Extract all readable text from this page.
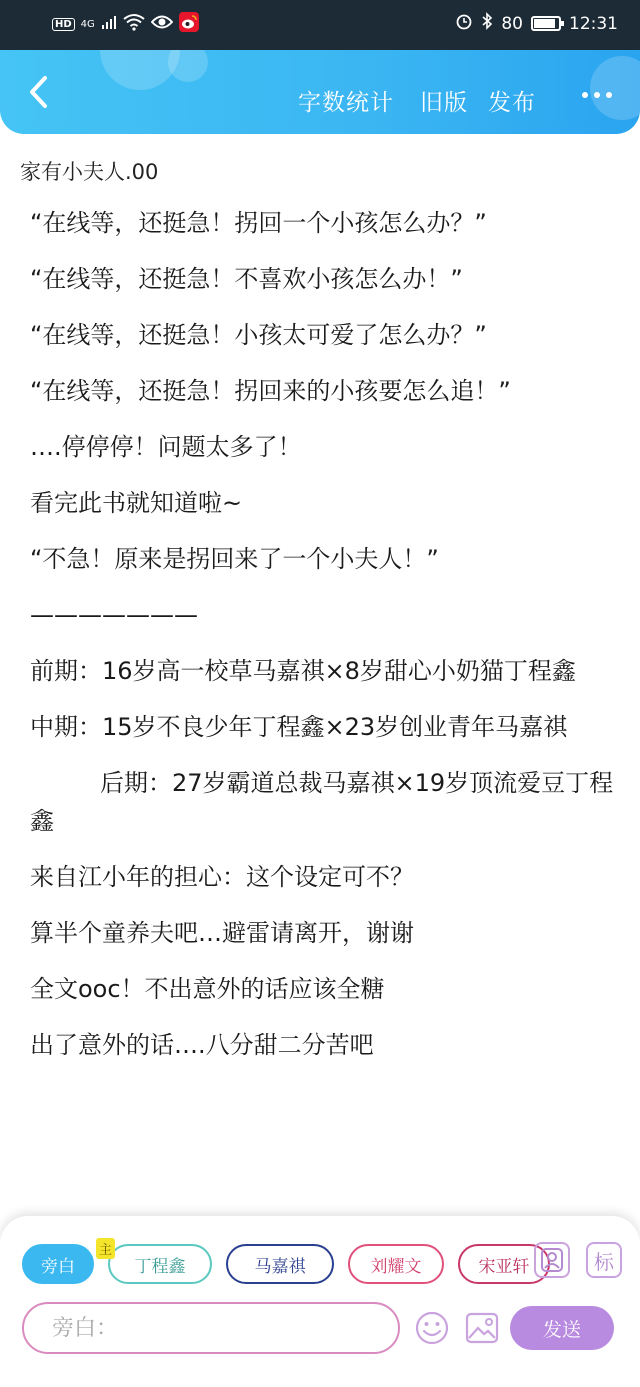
HD 4G	80	12:31
字数统计 旧版 发布
家有小夫人.00

“在线等，还挺急！拐回一个小孩怎么办？”

“在线等，还挺急！不喜欢小孩怎么办！”

“在线等，还挺急！小孩太可爱了怎么办？”

“在线等，还挺急！拐回来的小孩要怎么追！”

….停停停！问题太多了！

看完此书就知道啦~

“不急！原来是拐回来了一个小夫人！”

———————

前期：16岁高一校草马嘉祺×8岁甜心小奶猫丁程鑫

中期：15岁不良少年丁程鑫×23岁创业青年马嘉祺

后期：27岁霸道总裁马嘉祺×19岁顶流爱豆丁程鑫

来自江小年的担心：这个设定可不？

算半个童养夫吧…避雷请离开，谢谢

全文ooc！不出意外的话应该全糖

出了意外的话….八分甜二分苦吧

旁白
主
丁程鑫	马嘉祺	刘耀文	宋亚轩	标
旁白：
发送
